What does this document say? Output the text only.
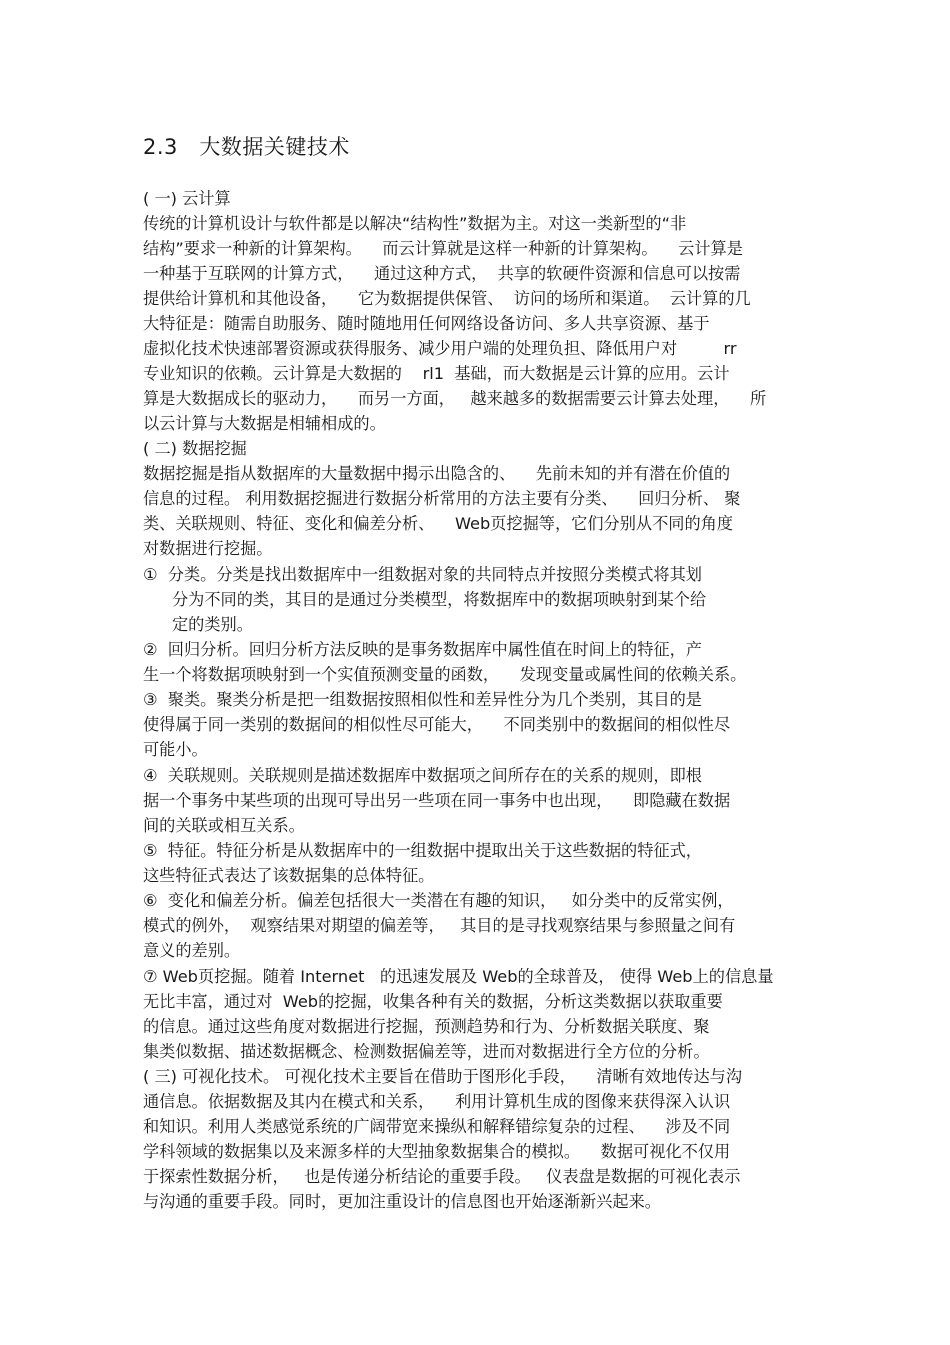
2.3   大数据关键技术
( 一) 云计算
传统的计算机设计与软件都是以解决“结构性”数据为主。对这一类新型的“非
结构”要求一种新的计算架构。    而云计算就是这样一种新的计算架构。    云计算是
一种基于互联网的计算方式，    通过这种方式，  共享的软硬件资源和信息可以按需
提供给计算机和其他设备，    它为数据提供保管、  访问的场所和渠道。  云计算的几
大特征是：随需自助服务、随时随地用任何网络设备访问、多人共享资源、基于
虚拟化技术快速部署资源或获得服务、减少用户端的处理负担、降低用户对         rr
专业知识的依赖。云计算是大数据的    rl1  基础，而大数据是云计算的应用。云计
算是大数据成长的驱动力，    而另一方面，   越来越多的数据需要云计算去处理，    所
以云计算与大数据是相辅相成的。
( 二) 数据挖掘
数据挖掘是指从数据库的大量数据中揭示出隐含的、    先前未知的并有潜在价值的
信息的过程。 利用数据挖掘进行数据分析常用的方法主要有分类、    回归分析、 聚
类、关联规则、特征、变化和偏差分析、    Web页挖掘等，它们分别从不同的角度
对数据进行挖掘。
①  分类。分类是找出数据库中一组数据对象的共同特点并按照分类模式将其划
分为不同的类，其目的是通过分类模型，将数据库中的数据项映射到某个给
定的类别。
②  回归分析。回归分析方法反映的是事务数据库中属性值在时间上的特征，产
生一个将数据项映射到一个实值预测变量的函数，    发现变量或属性间的依赖关系。
③  聚类。聚类分析是把一组数据按照相似性和差异性分为几个类别，其目的是
使得属于同一类别的数据间的相似性尽可能大，    不同类别中的数据间的相似性尽
可能小。
④  关联规则。关联规则是描述数据库中数据项之间所存在的关系的规则，即根
据一个事务中某些项的出现可导出另一些项在同一事务中也出现，    即隐藏在数据
间的关联或相互关系。
⑤  特征。特征分析是从数据库中的一组数据中提取出关于这些数据的特征式，
这些特征式表达了该数据集的总体特征。
⑥  变化和偏差分析。偏差包括很大一类潜在有趣的知识，   如分类中的反常实例，
模式的例外，  观察结果对期望的偏差等，   其目的是寻找观察结果与参照量之间有
意义的差别。
⑦ Web页挖掘。随着 Internet   的迅速发展及 Web的全球普及， 使得 Web上的信息量
无比丰富，通过对  Web的挖掘，收集各种有关的数据，分析这类数据以获取重要
的信息。通过这些角度对数据进行挖掘，预测趋势和行为、分析数据关联度、聚
集类似数据、描述数据概念、检测数据偏差等，进而对数据进行全方位的分析。
( 三) 可视化技术。 可视化技术主要旨在借助于图形化手段，    清晰有效地传达与沟
通信息。依据数据及其内在模式和关系，    利用计算机生成的图像来获得深入认识
和知识。利用人类感觉系统的广阔带宽来操纵和解释错综复杂的过程、    涉及不同
学科领域的数据集以及来源多样的大型抽象数据集合的模拟。    数据可视化不仅用
于探索性数据分析，   也是传递分析结论的重要手段。   仪表盘是数据的可视化表示
与沟通的重要手段。同时，更加注重设计的信息图也开始逐渐新兴起来。
